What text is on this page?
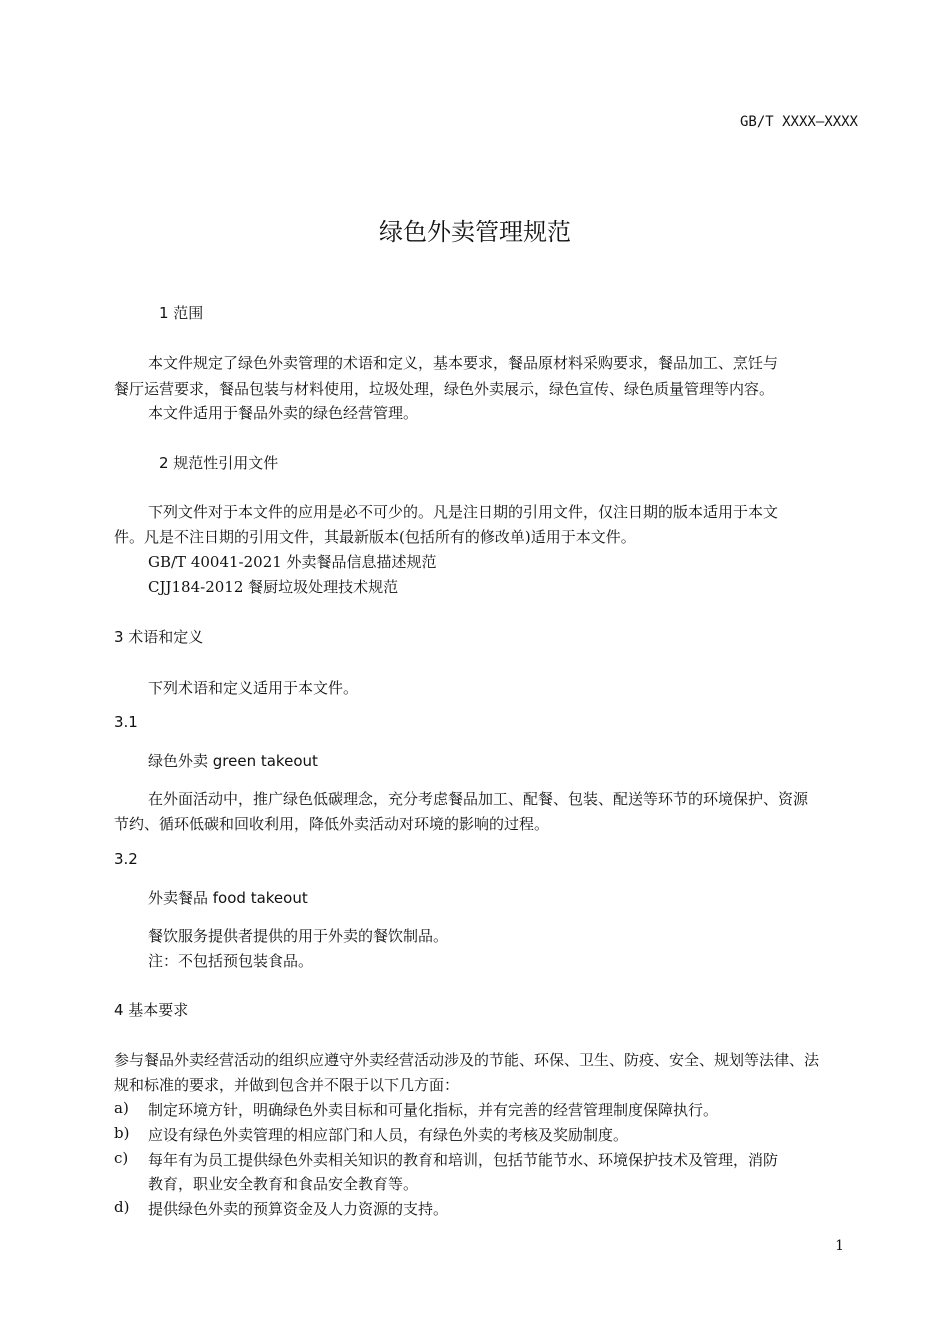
GB/T XXXX—XXXX
绿色外卖管理规范
1 范围
本文件规定了绿色外卖管理的术语和定义，基本要求，餐品原材料采购要求，餐品加工、烹饪与
餐厅运营要求，餐品包装与材料使用，垃圾处理，绿色外卖展示，绿色宣传、绿色质量管理等内容。
本文件适用于餐品外卖的绿色经营管理。
2 规范性引用文件
下列文件对于本文件的应用是必不可少的。凡是注日期的引用文件，仅注日期的版本适用于本文
件。凡是不注日期的引用文件，其最新版本(包括所有的修改单)适用于本文件。
GB/T 40041-2021 外卖餐品信息描述规范
CJJ184-2012 餐厨垃圾处理技术规范
3 术语和定义
下列术语和定义适用于本文件。
3.1
绿色外卖 green takeout
在外面活动中，推广绿色低碳理念，充分考虑餐品加工、配餐、包装、配送等环节的环境保护、资源
节约、循环低碳和回收利用，降低外卖活动对环境的影响的过程。
3.2
外卖餐品 food takeout
餐饮服务提供者提供的用于外卖的餐饮制品。
注：不包括预包装食品。
4 基本要求
参与餐品外卖经营活动的组织应遵守外卖经营活动涉及的节能、环保、卫生、防疫、安全、规划等法律、法
规和标准的要求，并做到包含并不限于以下几方面：
a) 制定环境方针，明确绿色外卖目标和可量化指标，并有完善的经营管理制度保障执行。
b) 应设有绿色外卖管理的相应部门和人员，有绿色外卖的考核及奖励制度。
c) 每年有为员工提供绿色外卖相关知识的教育和培训，包括节能节水、环境保护技术及管理，消防
教育，职业安全教育和食品安全教育等。
d) 提供绿色外卖的预算资金及人力资源的支持。
1
